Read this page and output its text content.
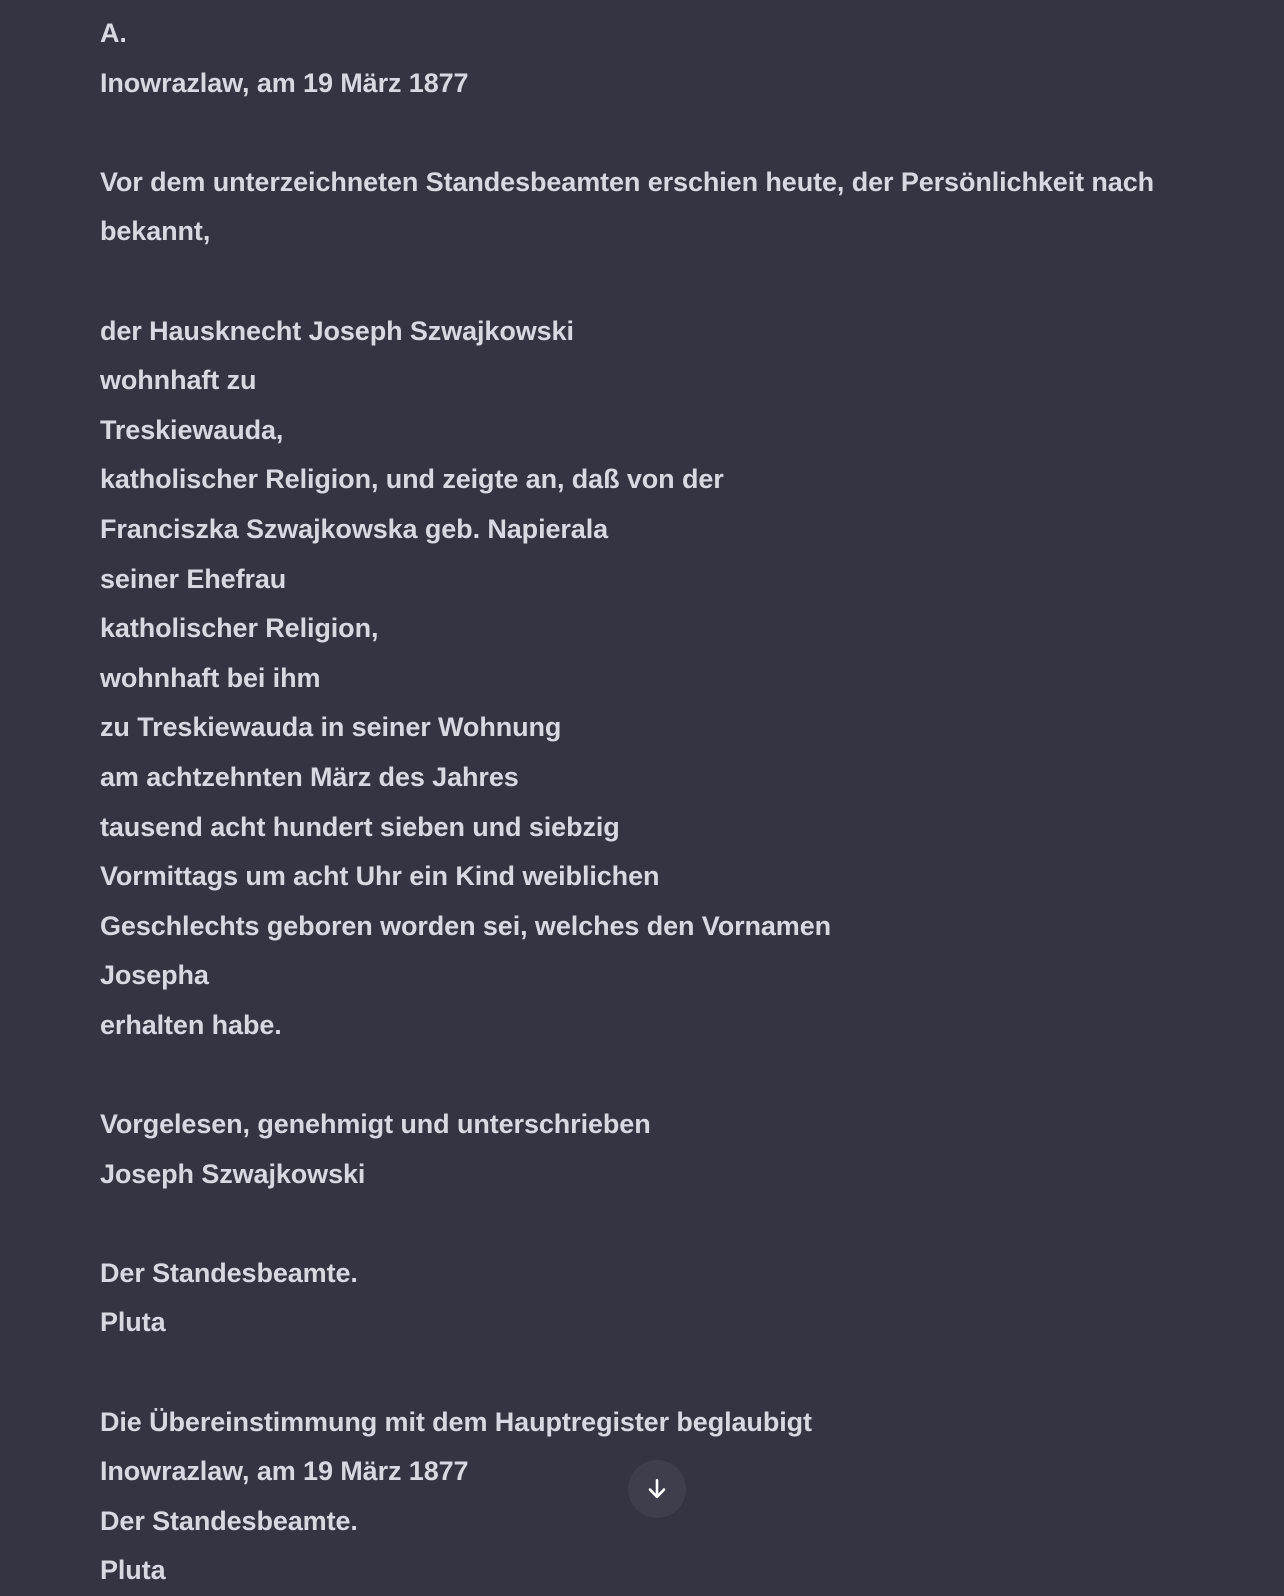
A.
Inowrazlaw, am 19 März 1877

Vor dem unterzeichneten Standesbeamten erschien heute, der Persönlichkeit nach
bekannt,

der Hausknecht Joseph Szwajkowski
wohnhaft zu
Treskiewauda,
katholischer Religion, und zeigte an, daß von der
Franciszka Szwajkowska geb. Napierala
seiner Ehefrau
katholischer Religion,
wohnhaft bei ihm
zu Treskiewauda in seiner Wohnung
am achtzehnten März des Jahres
tausend acht hundert sieben und siebzig
Vormittags um acht Uhr ein Kind weiblichen
Geschlechts geboren worden sei, welches den Vornamen
Josepha
erhalten habe.

Vorgelesen, genehmigt und unterschrieben
Joseph Szwajkowski

Der Standesbeamte.
Pluta

Die Übereinstimmung mit dem Hauptregister beglaubigt
Inowrazlaw, am 19 März 1877
Der Standesbeamte.
Pluta
